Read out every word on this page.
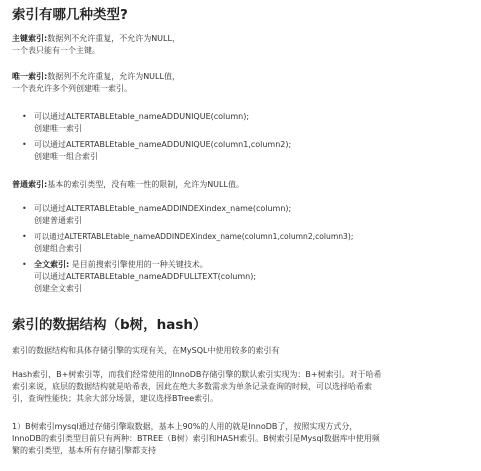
索引有哪几种类型?

主键索引:数据列不允许重复，不允许为NULL，

一个表只能有一个主键。

唯一索引:数据列不允许重复，允许为NULL值，

一个表允许多个列创建唯一索引。

• 可以通过ALTERTABLEtable_nameADDUNIQUE(column);

创建唯一索引

• 可以通过ALTERTABLEtable_nameADDUNIQUE(column1,column2);

创建唯一组合索引

普通索引:基本的索引类型，没有唯一性的限制，允许为NULL值。

• 可以通过ALTERTABLEtable_nameADDINDEXindex_name(column);

创建普通索引

• 可以通过ALTERTABLEtable_nameADDINDEXindex_name(column1,column2,column3);

创建组合索引

• 全文索引: 是目前搜索引擎使用的一种关键技术。

可以通过ALTERTABLEtable_nameADDFULLTEXT(column);

创建全文索引

索引的数据结构（b树，hash）

索引的数据结构和具体存储引擎的实现有关，在MySQL中使用较多的索引有

Hash索引，B+树索引等，而我们经常使用的InnoDB存储引擎的默认索引实现为：B+树索引。对于哈希

索引来说，底层的数据结构就是哈希表，因此在绝大多数需求为单条记录查询的时候，可以选择哈希索

引，查询性能快；其余大部分场景，建议选择BTree索引。

1）B树索引mysql通过存储引擎取数据，基本上90%的人用的就是InnoDB了，按照实现方式分，

InnoDB的索引类型目前只有两种：BTREE（B树）索引和HASH索引。B树索引是Mysql数据库中使用频

繁的索引类型，基本所有存储引擎都支持
